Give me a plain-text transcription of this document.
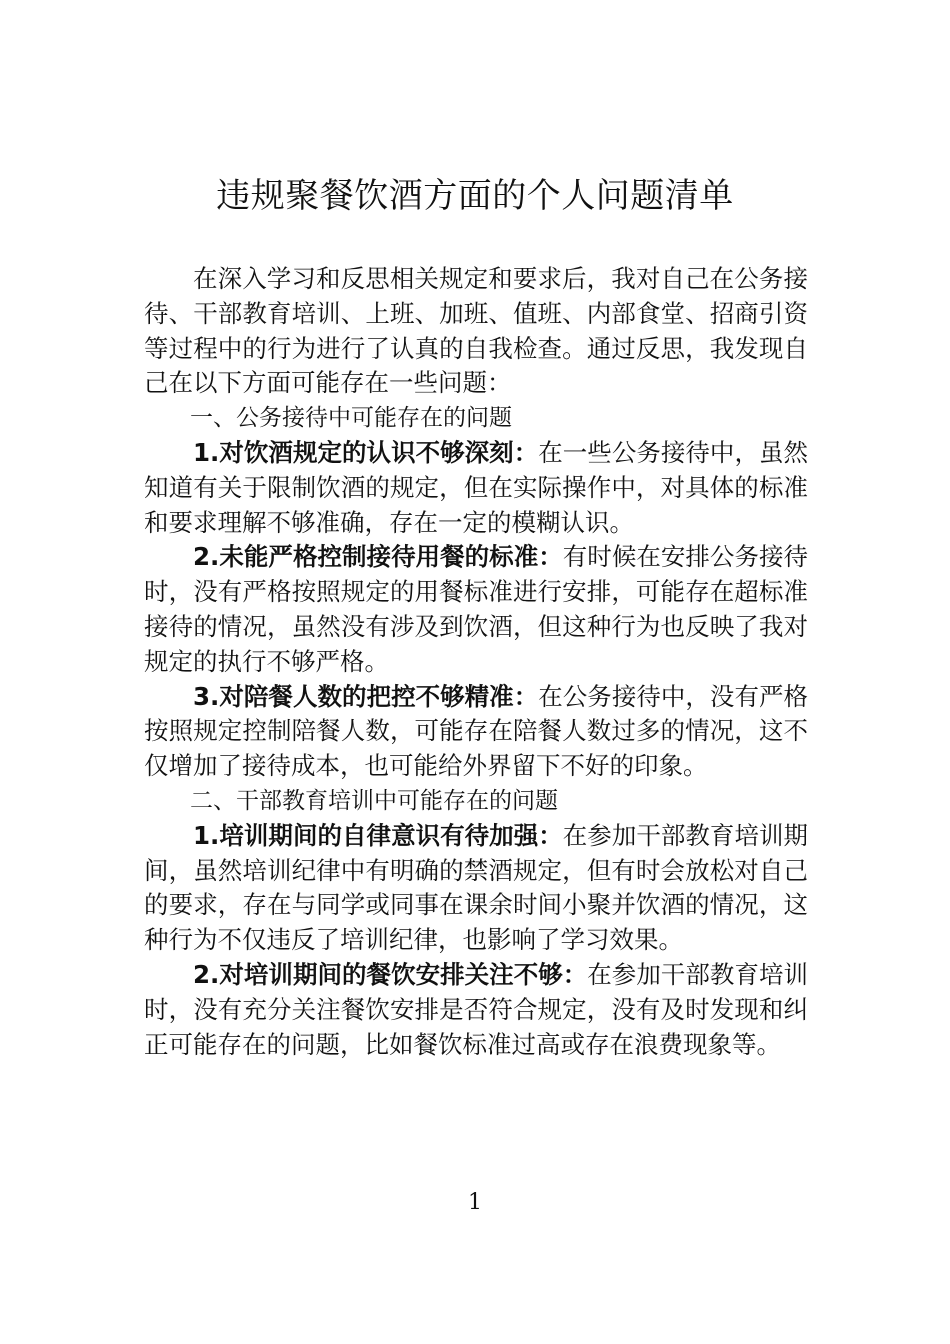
违规聚餐饮酒方面的个人问题清单

在深入学习和反思相关规定和要求后，我对自己在公务接待、干部教育培训、上班、加班、值班、内部食堂、招商引资等过程中的行为进行了认真的自我检查。通过反思，我发现自己在以下方面可能存在一些问题：

一、公务接待中可能存在的问题

1.对饮酒规定的认识不够深刻：在一些公务接待中，虽然知道有关于限制饮酒的规定，但在实际操作中，对具体的标准和要求理解不够准确，存在一定的模糊认识。

2.未能严格控制接待用餐的标准：有时候在安排公务接待时，没有严格按照规定的用餐标准进行安排，可能存在超标准接待的情况，虽然没有涉及到饮酒，但这种行为也反映了我对规定的执行不够严格。

3.对陪餐人数的把控不够精准：在公务接待中，没有严格按照规定控制陪餐人数，可能存在陪餐人数过多的情况，这不仅增加了接待成本，也可能给外界留下不好的印象。

二、干部教育培训中可能存在的问题

1.培训期间的自律意识有待加强：在参加干部教育培训期间，虽然培训纪律中有明确的禁酒规定，但有时会放松对自己的要求，存在与同学或同事在课余时间小聚并饮酒的情况，这种行为不仅违反了培训纪律，也影响了学习效果。

2.对培训期间的餐饮安排关注不够：在参加干部教育培训时，没有充分关注餐饮安排是否符合规定，没有及时发现和纠正可能存在的问题，比如餐饮标准过高或存在浪费现象等。

1
